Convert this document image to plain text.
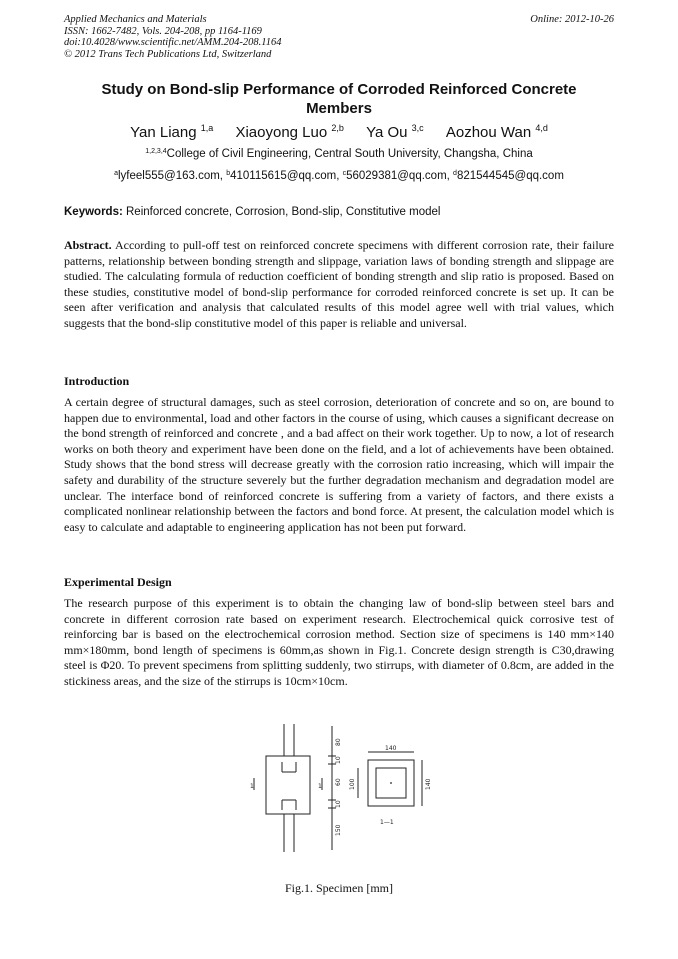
Applied Mechanics and Materials
ISSN: 1662-7482, Vols. 204-208, pp 1164-1169
doi:10.4028/www.scientific.net/AMM.204-208.1164
© 2012 Trans Tech Publications Ltd, Switzerland
Online: 2012-10-26
Study on Bond-slip Performance of Corroded Reinforced Concrete Members
Yan Liang $^{1,a}$ Xiaoyong Luo $^{2,b}$ Ya Ou $^{3,c}$ Aozhou Wan $^{4,d}$
$^{1,2,3,4}$College of Civil Engineering, Central South University, Changsha, China
$^a$lyfeel555@163.com, $^b$410115615@qq.com, $^c$56029381@qq.com, $^d$821544545@qq.com
Keywords: Reinforced concrete, Corrosion, Bond-slip, Constitutive model
Abstract. According to pull-off test on reinforced concrete specimens with different corrosion rate, their failure patterns, relationship between bonding strength and slippage, variation laws of bonding strength and slippage are studied. The calculating formula of reduction coefficient of bonding strength and slip ratio is proposed. Based on these studies, constitutive model of bond-slip performance for corroded reinforced concrete is set up. It can be seen after verification and analysis that calculated results of this model agree well with trial values, which suggests that the bond-slip constitutive model of this paper is reliable and universal.
Introduction
A certain degree of structural damages, such as steel corrosion, deterioration of concrete and so on, are bound to happen due to environmental, load and other factors in the course of using, which causes a significant decrease on the bond strength of reinforced and concrete , and a bad affect on their work together. Up to now, a lot of research works on both theory and experiment have been done on the field, and a lot of achievements have been obtained. Study shows that the bond stress will decrease greatly with the corrosion ratio increasing, which will impair the safety and durability of the structure severely but the further degradation mechanism and degradation model are unclear. The interface bond of reinforced concrete is suffering from a variety of factors, and there exists a complicated nonlinear relationship between the factors and bond force. At present, the calculation model which is easy to calculate and adaptable to engineering application has not been put forward.
Experimental Design
The research purpose of this experiment is to obtain the changing law of bond-slip between steel bars and concrete in different corrosion rate based on experiment research. Electrochemical quick corrosive test of reinforcing bar is based on the electrochemical corrosion method. Section size of specimens is 140 mm×140 mm×180mm, bond length of specimens is 60mm,as shown in Fig.1. Concrete design strength is C30,drawing steel is Φ20. To prevent specimens from splitting suddenly, two stirrups, with diameter of 0.8cm, are added in the stickiness areas, and the size of the stirrups is 10cm×10cm.
1	1
140
1—1
140
100
80
10
60
10
150
Fig.1. Specimen [mm]
